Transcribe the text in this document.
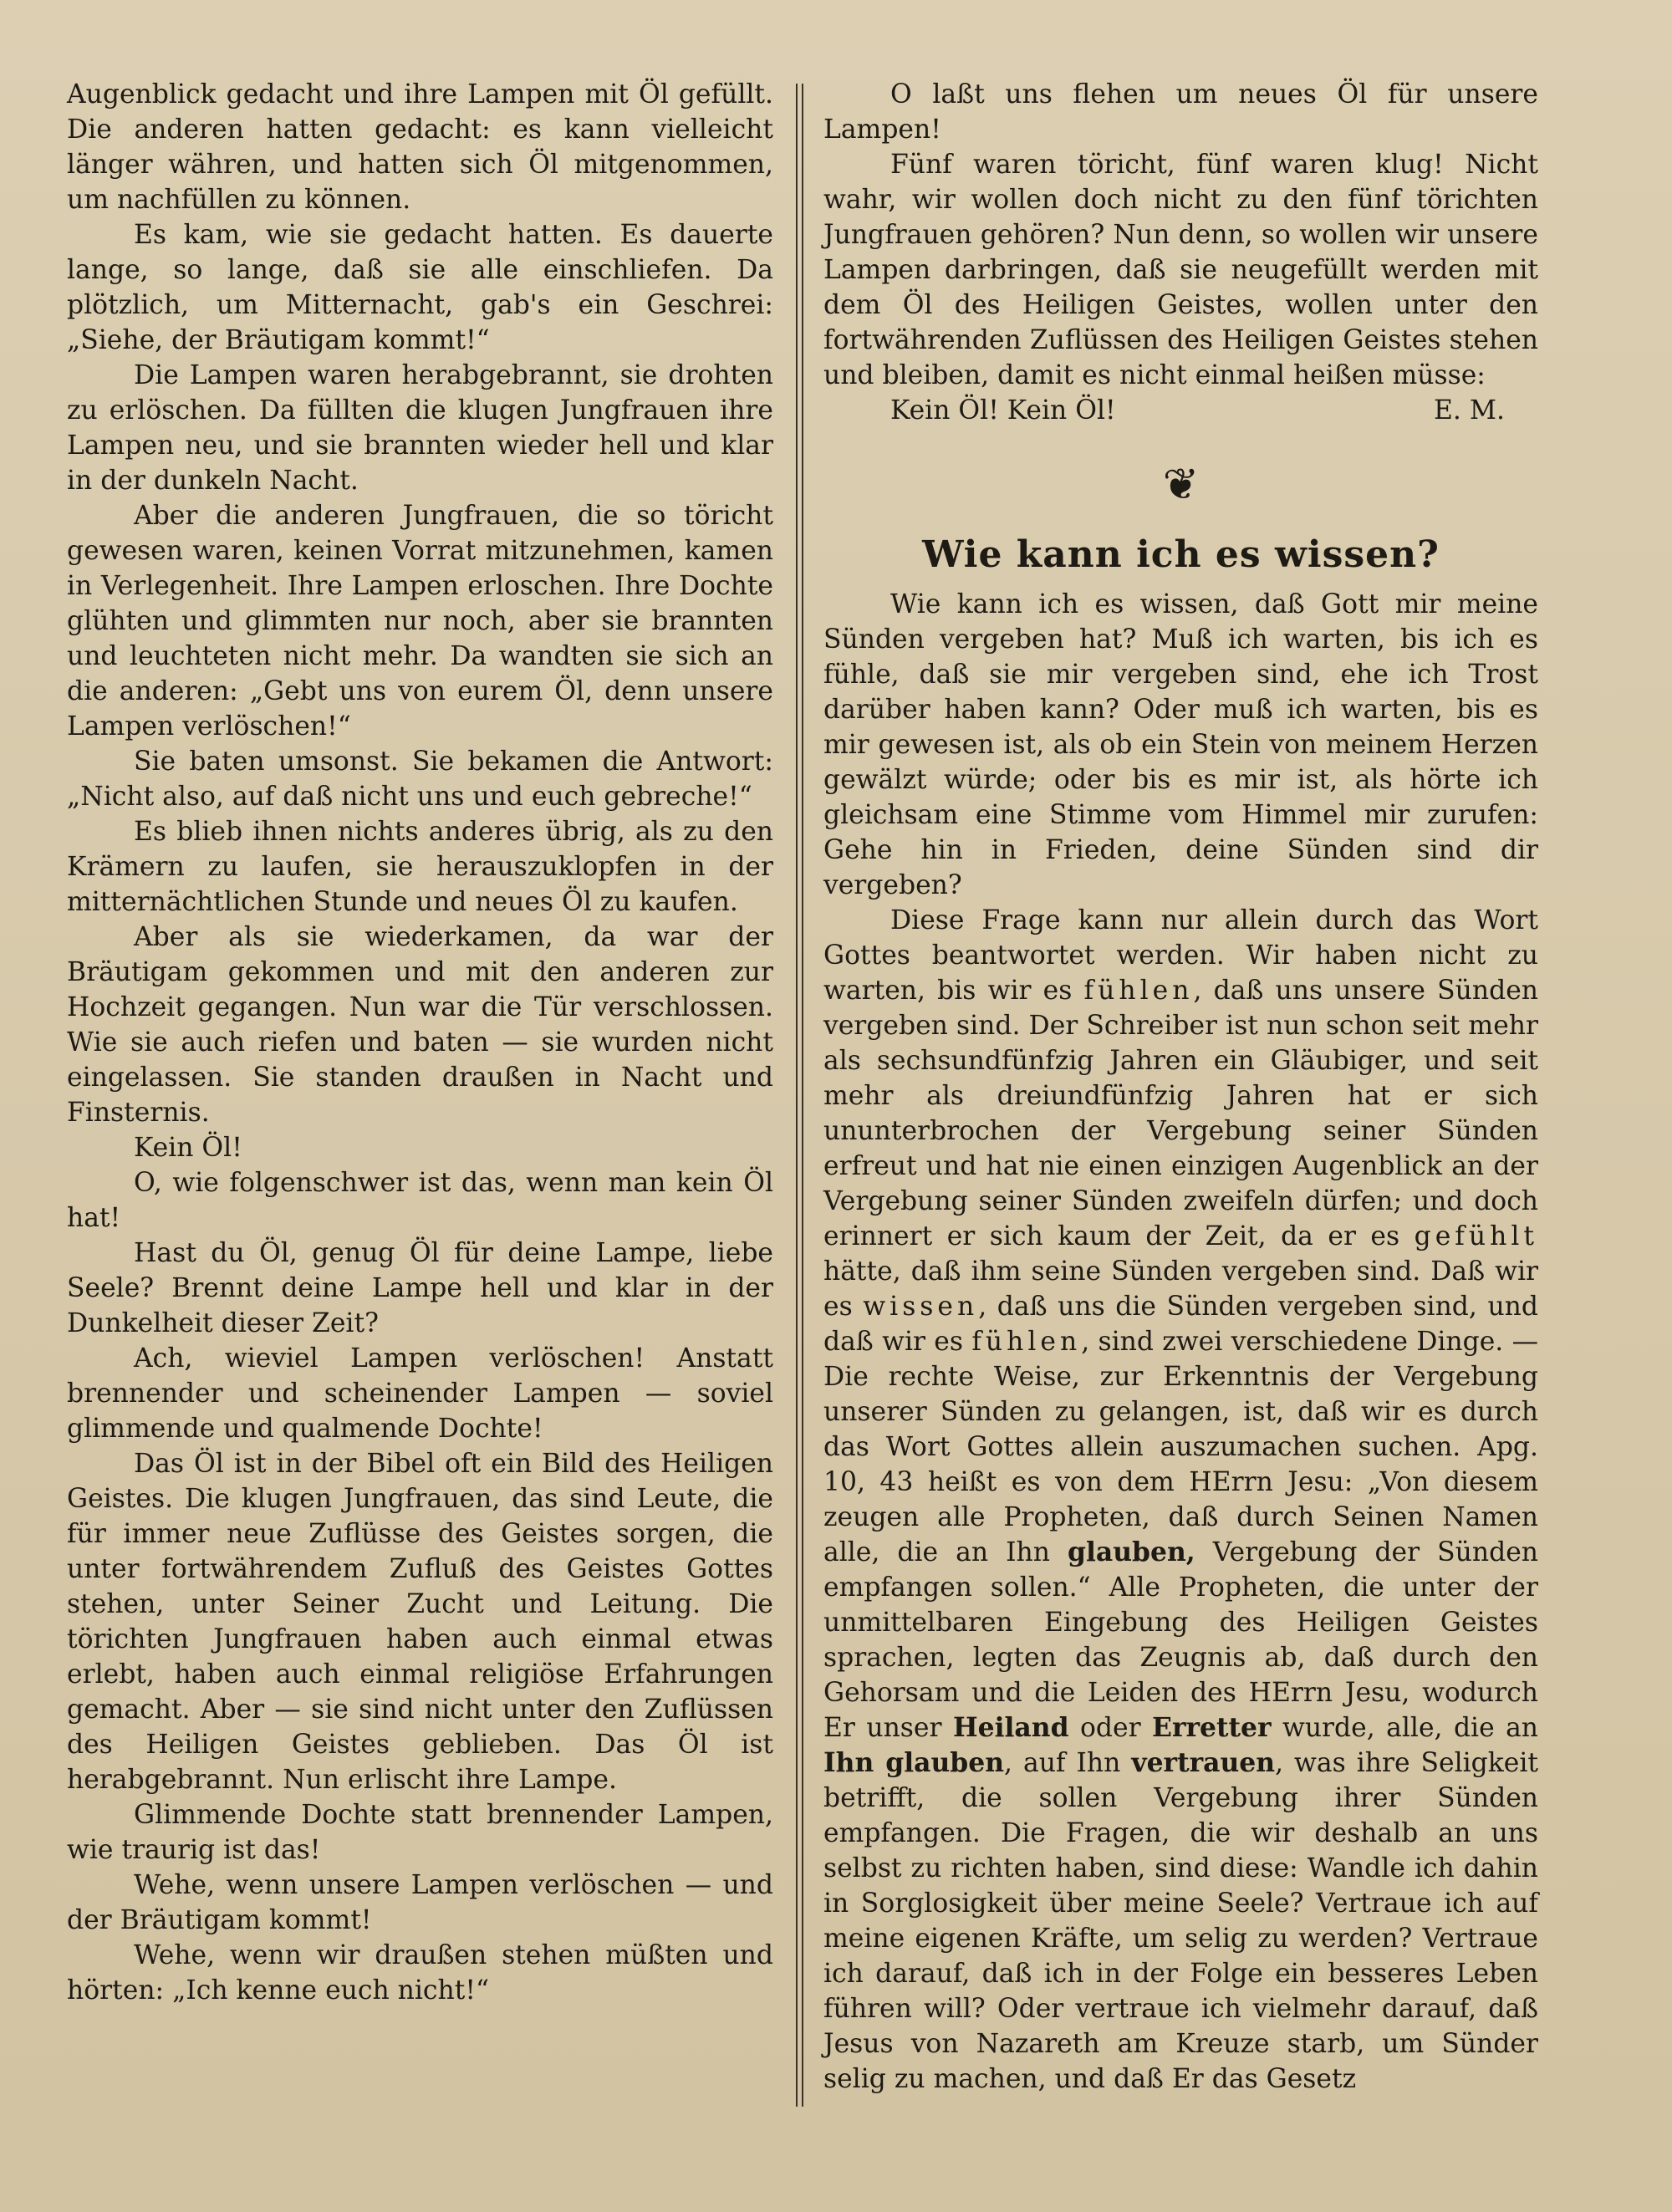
Augenblick gedacht und ihre Lampen mit Öl gefüllt. Die anderen hatten gedacht: es kann vielleicht länger währen, und hatten sich Öl mitgenommen, um nachfüllen zu können.

Es kam, wie sie gedacht hatten. Es dauerte lange, so lange, daß sie alle einschliefen. Da plötzlich, um Mitternacht, gab's ein Geschrei: „Siehe, der Bräutigam kommt!“

Die Lampen waren herabgebrannt, sie drohten zu erlöschen. Da füllten die klugen Jungfrauen ihre Lampen neu, und sie brannten wieder hell und klar in der dunkeln Nacht.

Aber die anderen Jungfrauen, die so töricht gewesen waren, keinen Vorrat mitzunehmen, kamen in Verlegenheit. Ihre Lampen erloschen. Ihre Dochte glühten und glimmten nur noch, aber sie brannten und leuchteten nicht mehr. Da wandten sie sich an die anderen: „Gebt uns von eurem Öl, denn unsere Lampen verlöschen!“

Sie baten umsonst. Sie bekamen die Antwort: „Nicht also, auf daß nicht uns und euch gebreche!“

Es blieb ihnen nichts anderes übrig, als zu den Krämern zu laufen, sie herauszuklopfen in der mitternächtlichen Stunde und neues Öl zu kaufen.

Aber als sie wiederkamen, da war der Bräutigam gekommen und mit den anderen zur Hochzeit gegangen. Nun war die Tür verschlossen. Wie sie auch riefen und baten — sie wurden nicht eingelassen. Sie standen draußen in Nacht und Finsternis.

Kein Öl!

O, wie folgenschwer ist das, wenn man kein Öl hat!

Hast du Öl, genug Öl für deine Lampe, liebe Seele? Brennt deine Lampe hell und klar in der Dunkelheit dieser Zeit?

Ach, wieviel Lampen verlöschen! Anstatt brennender und scheinender Lampen — soviel glimmende und qualmende Dochte!

Das Öl ist in der Bibel oft ein Bild des Heiligen Geistes. Die klugen Jungfrauen, das sind Leute, die für immer neue Zuflüsse des Geistes sorgen, die unter fortwährendem Zufluß des Geistes Gottes stehen, unter Seiner Zucht und Leitung. Die törichten Jungfrauen haben auch einmal etwas erlebt, haben auch einmal religiöse Erfahrungen gemacht. Aber — sie sind nicht unter den Zuflüssen des Heiligen Geistes geblieben. Das Öl ist herabgebrannt. Nun erlischt ihre Lampe.

Glimmende Dochte statt brennender Lampen, wie traurig ist das!

Wehe, wenn unsere Lampen verlöschen — und der Bräutigam kommt!

Wehe, wenn wir draußen stehen müßten und hörten: „Ich kenne euch nicht!“

O laßt uns flehen um neues Öl für unsere Lampen!

Fünf waren töricht, fünf waren klug! Nicht wahr, wir wollen doch nicht zu den fünf törichten Jungfrauen gehören? Nun denn, so wollen wir unsere Lampen darbringen, daß sie neugefüllt werden mit dem Öl des Heiligen Geistes, wollen unter den fortwährenden Zuflüssen des Heiligen Geistes stehen und bleiben, damit es nicht einmal heißen müsse:

Kein Öl! Kein Öl!	E. M.
❦
Wie kann ich es wissen?

Wie kann ich es wissen, daß Gott mir meine Sünden vergeben hat? Muß ich warten, bis ich es fühle, daß sie mir vergeben sind, ehe ich Trost darüber haben kann? Oder muß ich warten, bis es mir gewesen ist, als ob ein Stein von meinem Herzen gewälzt würde; oder bis es mir ist, als hörte ich gleichsam eine Stimme vom Himmel mir zurufen: Gehe hin in Frieden, deine Sünden sind dir vergeben?

Diese Frage kann nur allein durch das Wort Gottes beantwortet werden. Wir haben nicht zu warten, bis wir es fühlen, daß uns unsere Sünden vergeben sind. Der Schreiber ist nun schon seit mehr als sechsundfünfzig Jahren ein Gläubiger, und seit mehr als dreiundfünfzig Jahren hat er sich ununterbrochen der Vergebung seiner Sünden erfreut und hat nie einen einzigen Augenblick an der Vergebung seiner Sünden zweifeln dürfen; und doch erinnert er sich kaum der Zeit, da er es gefühlt hätte, daß ihm seine Sünden vergeben sind. Daß wir es wissen, daß uns die Sünden vergeben sind, und daß wir es fühlen, sind zwei verschiedene Dinge. — Die rechte Weise, zur Erkenntnis der Vergebung unserer Sünden zu gelangen, ist, daß wir es durch das Wort Gottes allein auszumachen suchen. Apg. 10, 43 heißt es von dem HErrn Jesu: „Von diesem zeugen alle Propheten, daß durch Seinen Namen alle, die an Ihn glauben, Vergebung der Sünden empfangen sollen.“ Alle Propheten, die unter der unmittelbaren Eingebung des Heiligen Geistes sprachen, legten das Zeugnis ab, daß durch den Gehorsam und die Leiden des HErrn Jesu, wodurch Er unser Heiland oder Erretter wurde, alle, die an Ihn glauben, auf Ihn vertrauen, was ihre Seligkeit betrifft, die sollen Vergebung ihrer Sünden empfangen. Die Fragen, die wir deshalb an uns selbst zu richten haben, sind diese: Wandle ich dahin in Sorglosigkeit über meine Seele? Vertraue ich auf meine eigenen Kräfte, um selig zu werden? Vertraue ich darauf, daß ich in der Folge ein besseres Leben führen will? Oder vertraue ich vielmehr darauf, daß Jesus von Nazareth am Kreuze starb, um Sünder selig zu machen, und daß Er das Gesetz
